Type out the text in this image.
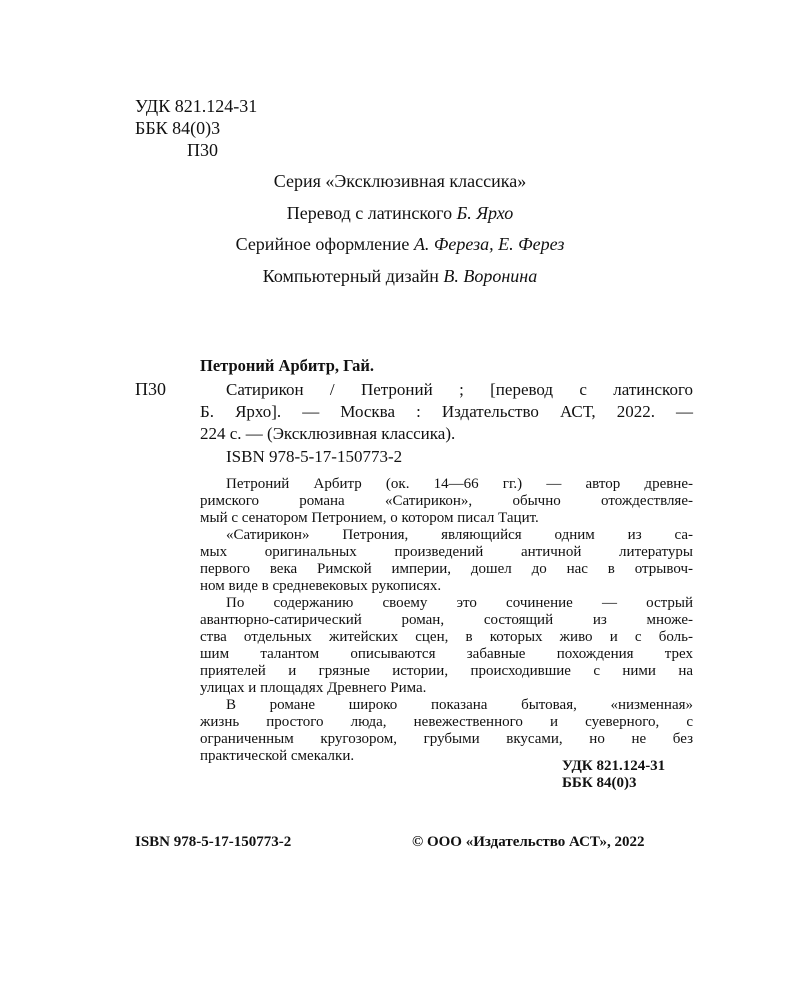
УДК 821.124-31
ББК 84(0)3
П30
Серия «Эксклюзивная классика»
Перевод с латинского Б. Ярхо
Серийное оформление А. Фереза, Е. Ферез
Компьютерный дизайн В. Воронина
Петроний Арбитр, Гай.
П30	Сатирикон / Петроний ; [перевод с латинского
Б. Ярхо]. — Москва : Издательство АСТ, 2022. —
224 с. — (Эксклюзивная классика).
ISBN 978-5-17-150773-2
Петроний Арбитр (ок. 14—66 гг.) — автор древне-
римского романа «Сатирикон», обычно отождествляе-
мый с сенатором Петронием, о котором писал Тацит.
«Сатирикон» Петрония, являющийся одним из са-
мых оригинальных произведений античной литературы
первого века Римской империи, дошел до нас в отрывоч-
ном виде в средневековых рукописях.
По содержанию своему это сочинение — острый
авантюрно-сатирический роман, состоящий из множе-
ства отдельных житейских сцен, в которых живо и с боль-
шим талантом описываются забавные похождения трех
приятелей и грязные истории, происходившие с ними на
улицах и площадях Древнего Рима.
В романе широко показана бытовая, «низменная»
жизнь простого люда, невежественного и суеверного, с
ограниченным кругозором, грубыми вкусами, но не без
практической смекалки.
УДК 821.124-31
ББК 84(0)3
ISBN 978-5-17-150773-2	© ООО «Издательство АСТ», 2022
